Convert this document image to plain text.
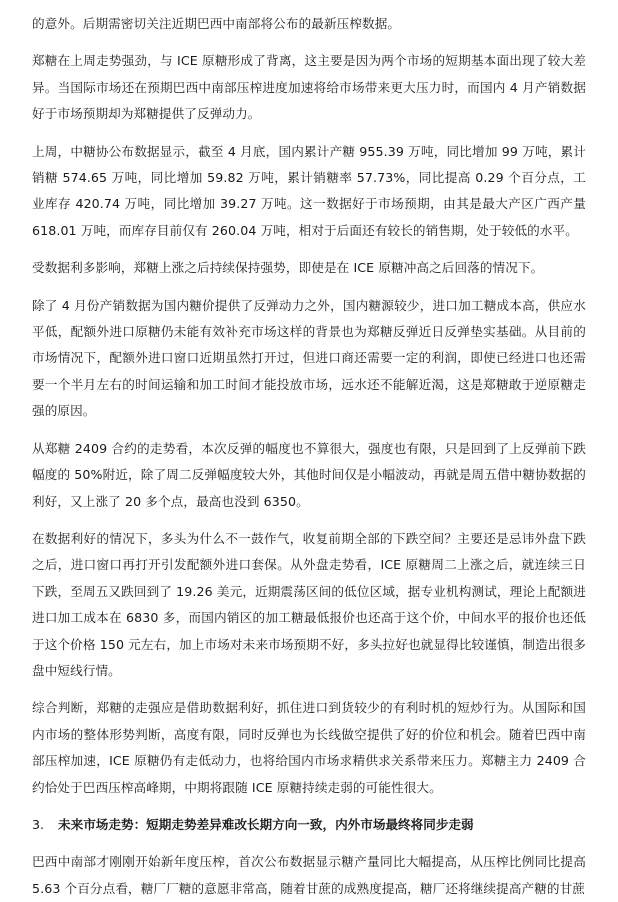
的意外。后期需密切关注近期巴西中南部将公布的最新压榨数据。

郑糖在上周走势强劲，与 ICE 原糖形成了背离，这主要是因为两个市场的短期基本面出现了较大差异。当国际市场还在预期巴西中南部压榨进度加速将给市场带来更大压力时，而国内 4 月产销数据好于市场预期却为郑糖提供了反弹动力。

上周，中糖协公布数据显示，截至 4 月底，国内累计产糖 955.39 万吨，同比增加 99 万吨，累计销糖 574.65 万吨，同比增加 59.82 万吨，累计销糖率 57.73%，同比提高 0.29 个百分点，工业库存 420.74 万吨，同比增加 39.27 万吨。这一数据好于市场预期，由其是最大产区广西产量 618.01 万吨，而库存目前仅有 260.04 万吨，相对于后面还有较长的销售期，处于较低的水平。

受数据利多影响，郑糖上涨之后持续保持强势，即使是在 ICE 原糖冲高之后回落的情况下。

除了 4 月份产销数据为国内糖价提供了反弹动力之外，国内糖源较少，进口加工糖成本高，供应水平低，配额外进口原糖仍未能有效补充市场这样的背景也为郑糖反弹近日反弹垫实基础。从目前的市场情况下，配额外进口窗口近期虽然打开过，但进口商还需要一定的利润，即使已经进口也还需要一个半月左右的时间运输和加工时间才能投放市场，远水还不能解近渴，这是郑糖敢于逆原糖走强的原因。

从郑糖 2409 合约的走势看，本次反弹的幅度也不算很大，强度也有限，只是回到了上反弹前下跌幅度的 50%附近，除了周二反弹幅度较大外，其他时间仅是小幅波动，再就是周五借中糖协数据的利好，又上涨了 20 多个点，最高也没到 6350。

在数据利好的情况下，多头为什么不一鼓作气，收复前期全部的下跌空间？主要还是忌讳外盘下跌之后，进口窗口再打开引发配额外进口套保。从外盘走势看，ICE 原糖周二上涨之后，就连续三日下跌，至周五又跌回到了 19.26 美元，近期震荡区间的低位区域，据专业机构测试，理论上配额进进口加工成本在 6830 多，而国内销区的加工糖最低报价也还高于这个价，中间水平的报价也还低于这个价格 150 元左右，加上市场对未来市场预期不好，多头拉好也就显得比较谨慎，制造出很多盘中短线行情。

综合判断，郑糖的走强应是借助数据利好，抓住进口到货较少的有利时机的短炒行为。从国际和国内市场的整体形势判断，高度有限，同时反弹也为长线做空提供了好的价位和机会。随着巴西中南部压榨加速，ICE 原糖仍有走低动力，也将给国内市场求精供求关系带来压力。郑糖主力 2409 合约恰处于巴西压榨高峰期，中期将跟随 ICE 原糖持续走弱的可能性很大。

3.	未来市场走势：短期走势差异难改长期方向一致，内外市场最终将同步走弱

巴西中南部才刚刚开始新年度压榨，首次公布数据显示糖产量同比大幅提高，从压榨比例同比提高 5.63 个百分点看，糖厂厂糖的意愿非常高，随着甘蔗的成熟度提高，糖厂还将继续提高产糖的甘蔗
